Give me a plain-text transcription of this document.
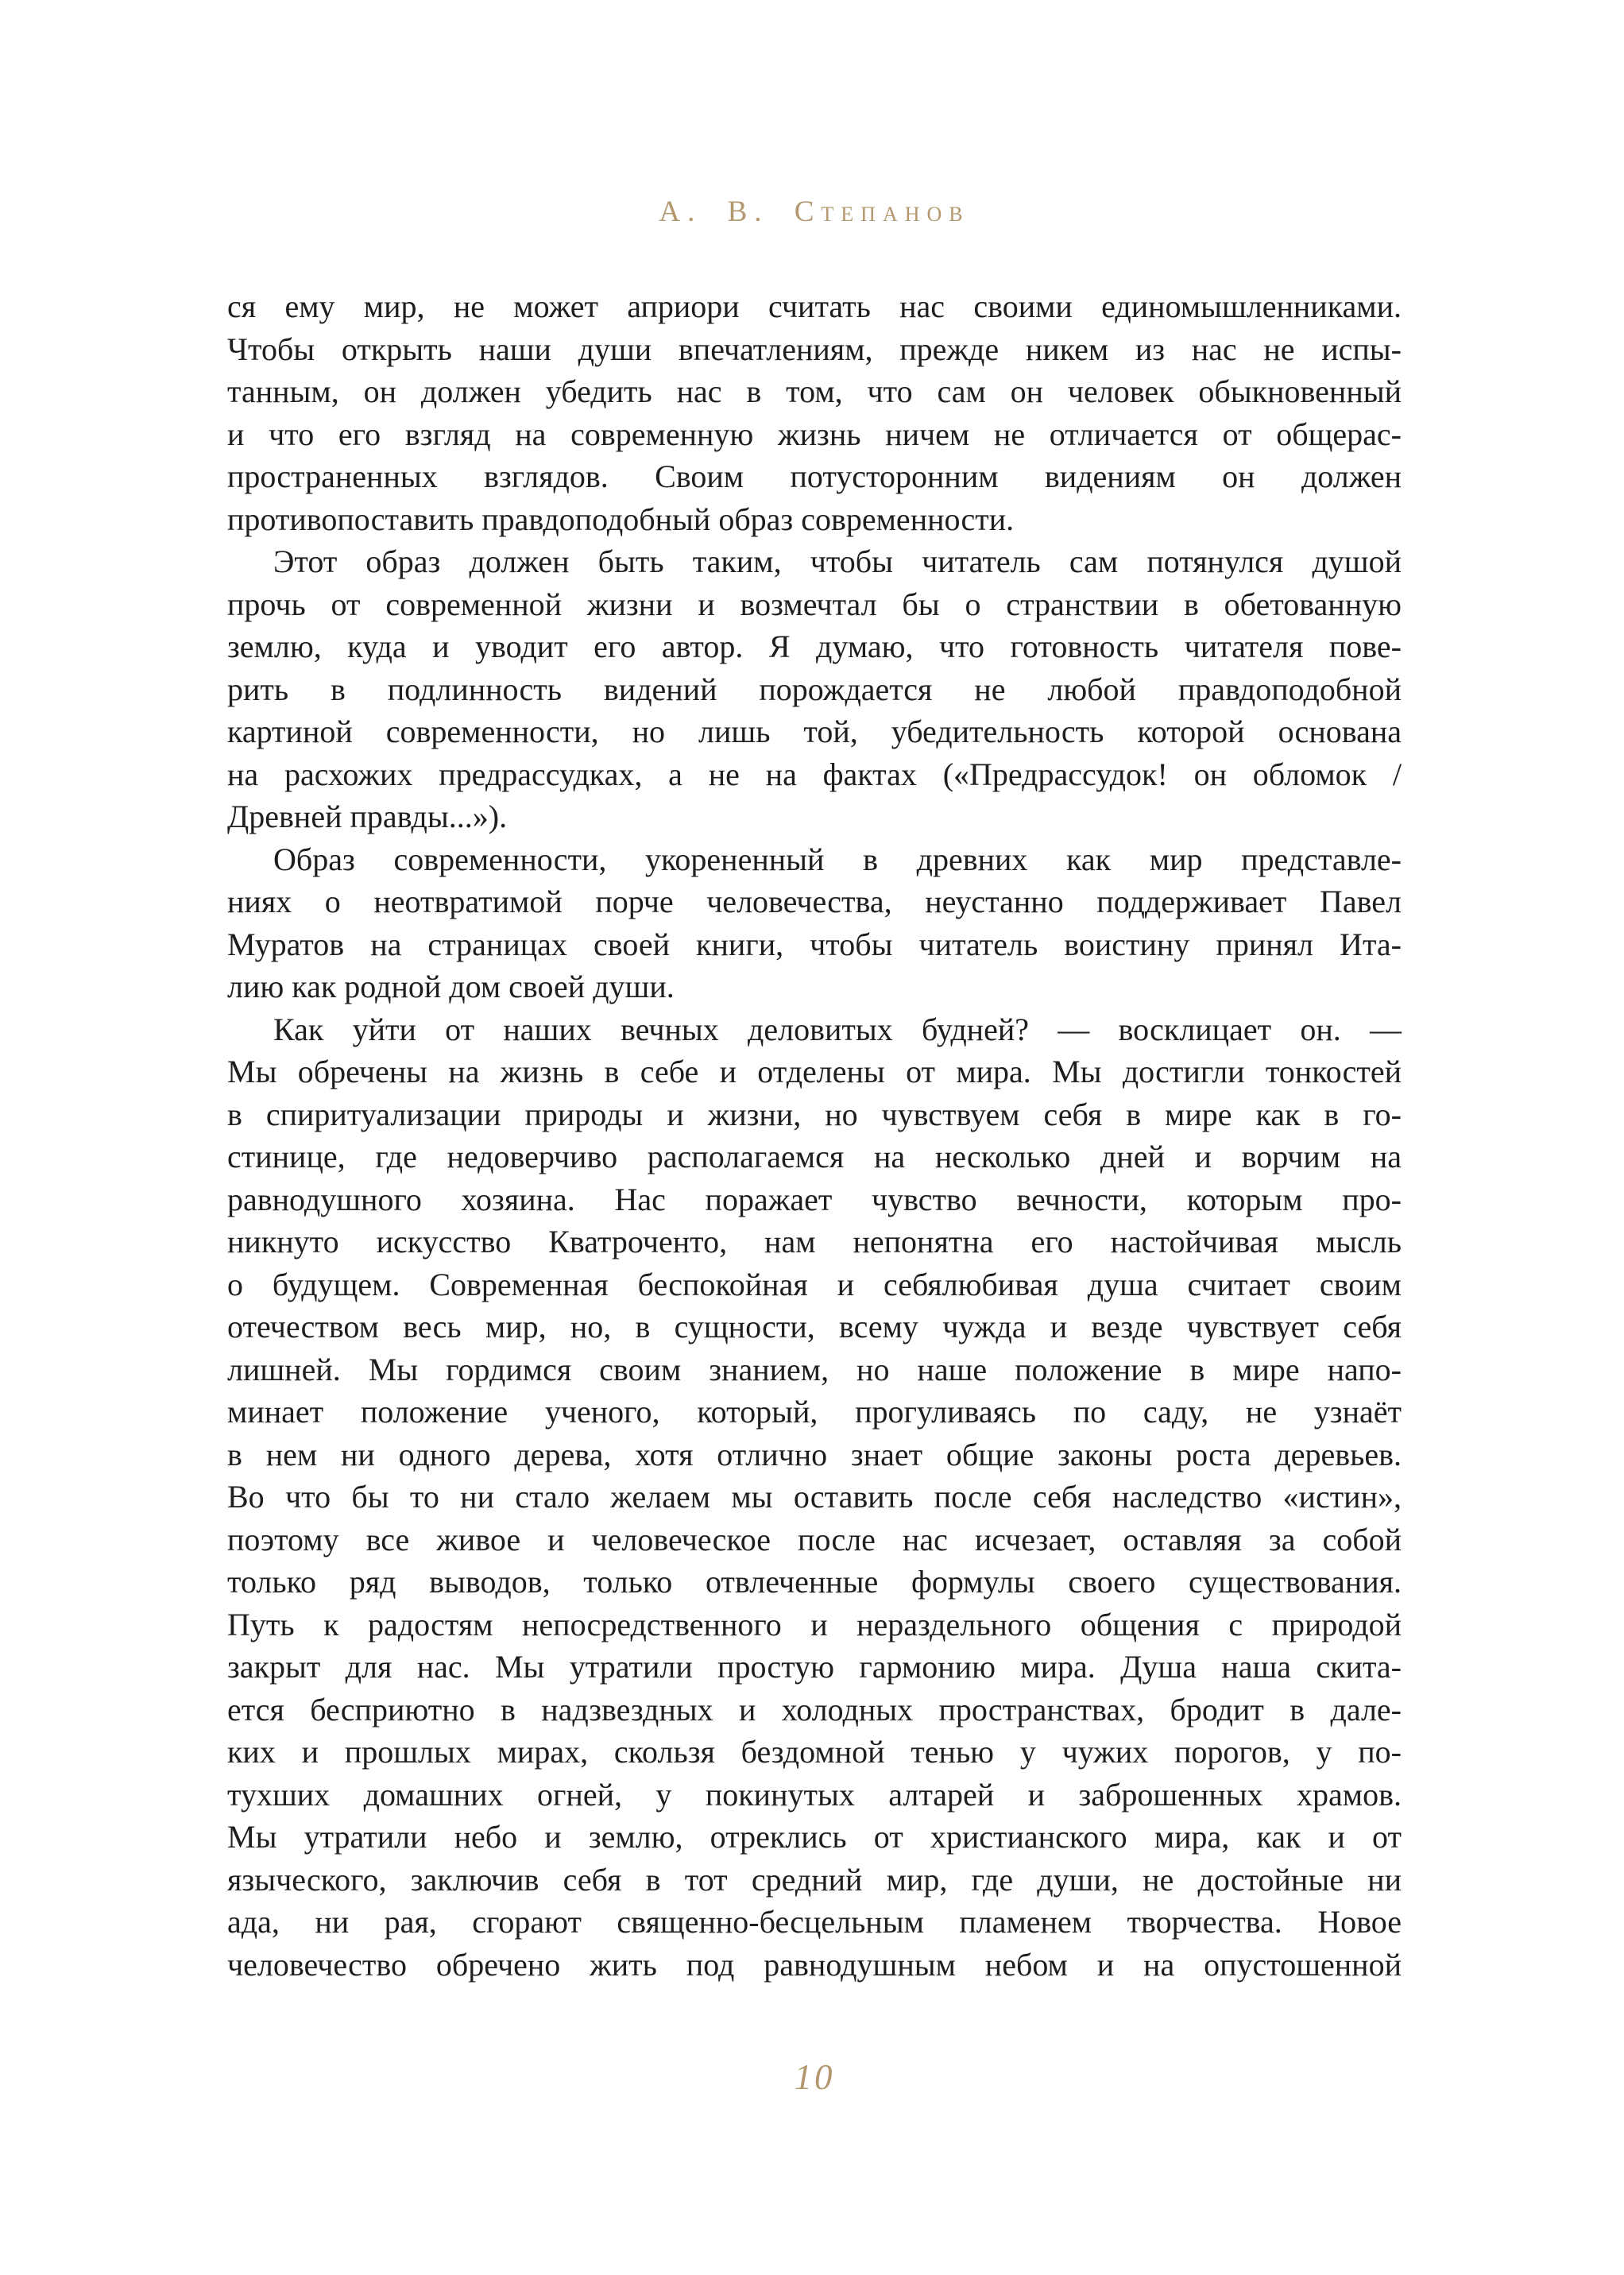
А. В. Степанов
ся ему мир, не может априори считать нас своими единомышленниками.
Чтобы открыть наши души впечатлениям, прежде никем из нас не испы-
танным, он должен убедить нас в том, что сам он человек обыкновенный
и что его взгляд на современную жизнь ничем не отличается от общерас-
пространенных взглядов. Своим потусторонним видениям он должен
противопоставить правдоподобный образ современности.
Этот образ должен быть таким, чтобы читатель сам потянулся душой
прочь от современной жизни и возмечтал бы о странствии в обетованную
землю, куда и уводит его автор. Я думаю, что готовность читателя пове-
рить в подлинность видений порождается не любой правдоподобной
картиной современности, но лишь той, убедительность которой основана
на расхожих предрассудках, а не на фактах («Предрассудок! он обломок /
Древней правды...»).
Образ современности, укорененный в древних как мир представле-
ниях о неотвратимой порче человечества, неустанно поддерживает Павел
Муратов на страницах своей книги, чтобы читатель воистину принял Ита-
лию как родной дом своей души.
Как уйти от наших вечных деловитых будней? — восклицает он. —
Мы обречены на жизнь в себе и отделены от мира. Мы достигли тонкостей
в спиритуализации природы и жизни, но чувствуем себя в мире как в го-
стинице, где недоверчиво располагаемся на несколько дней и ворчим на
равнодушного хозяина. Нас поражает чувство вечности, которым про-
никнуто искусство Кватроченто, нам непонятна его настойчивая мысль
о будущем. Современная беспокойная и себялюбивая душа считает своим
отечеством весь мир, но, в сущности, всему чужда и везде чувствует себя
лишней. Мы гордимся своим знанием, но наше положение в мире напо-
минает положение ученого, который, прогуливаясь по саду, не узнаёт
в нем ни одного дерева, хотя отлично знает общие законы роста деревьев.
Во что бы то ни стало желаем мы оставить после себя наследство «истин»,
поэтому все живое и человеческое после нас исчезает, оставляя за собой
только ряд выводов, только отвлеченные формулы своего существования.
Путь к радостям непосредственного и нераздельного общения с природой
закрыт для нас. Мы утратили простую гармонию мира. Душа наша скита-
ется бесприютно в надзвездных и холодных пространствах, бродит в дале-
ких и прошлых мирах, скользя бездомной тенью у чужих порогов, у по-
тухших домашних огней, у покинутых алтарей и заброшенных храмов.
Мы утратили небо и землю, отреклись от христианского мира, как и от
языческого, заключив себя в тот средний мир, где души, не достойные ни
ада, ни рая, сгорают священно-бесцельным пламенем творчества. Новое
человечество обречено жить под равнодушным небом и на опустошенной
10
